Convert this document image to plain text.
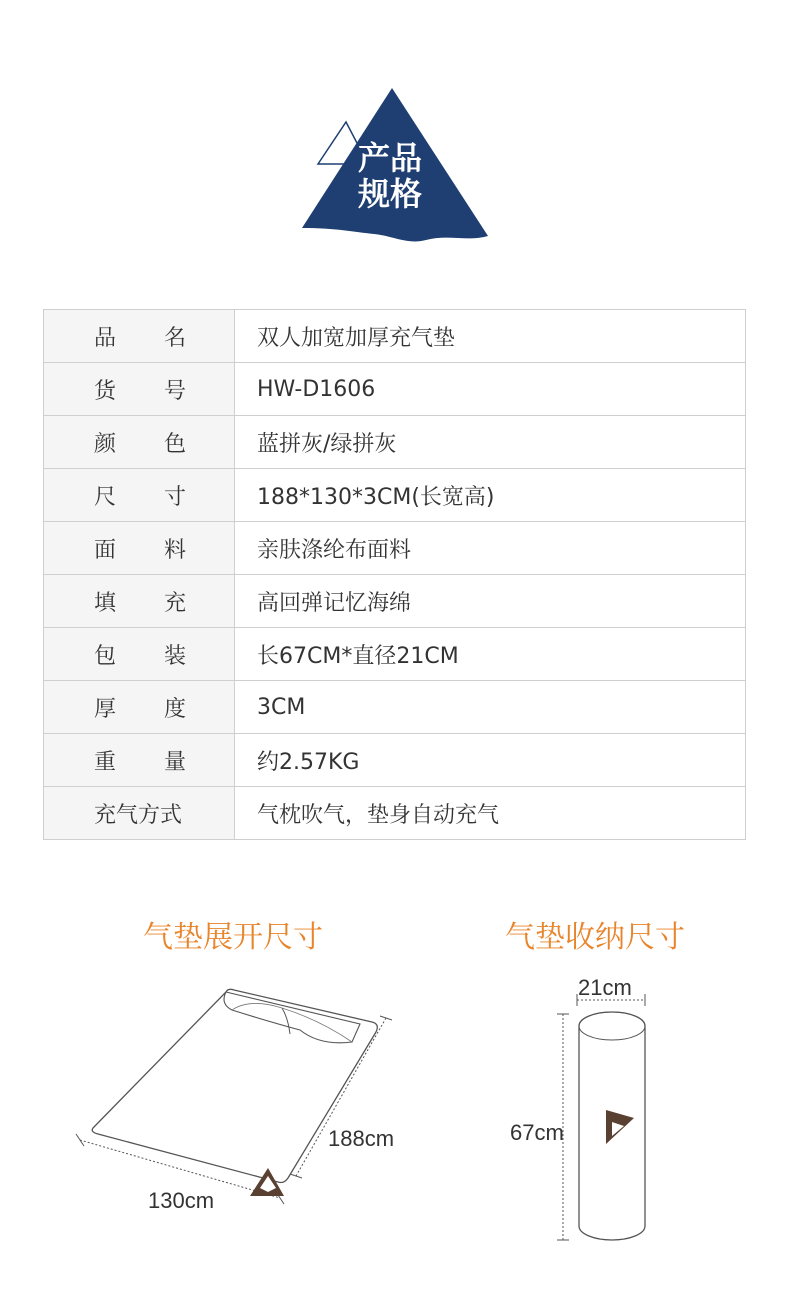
产品
规格
品 名	双人加宽加厚充气垫

货 号	HW-D1606

颜 色	蓝拼灰/绿拼灰

尺 寸	188*130*3CM(长宽高)

面 料	亲肤涤纶布面料

填 充	高回弹记忆海绵

包 装	长67CM*直径21CM

厚 度	3CM

重 量	约2.57KG

充气方式	气枕吹气，垫身自动充气
气垫展开尺寸	气垫收纳尺寸
188cm
130cm
21cm
67cm
